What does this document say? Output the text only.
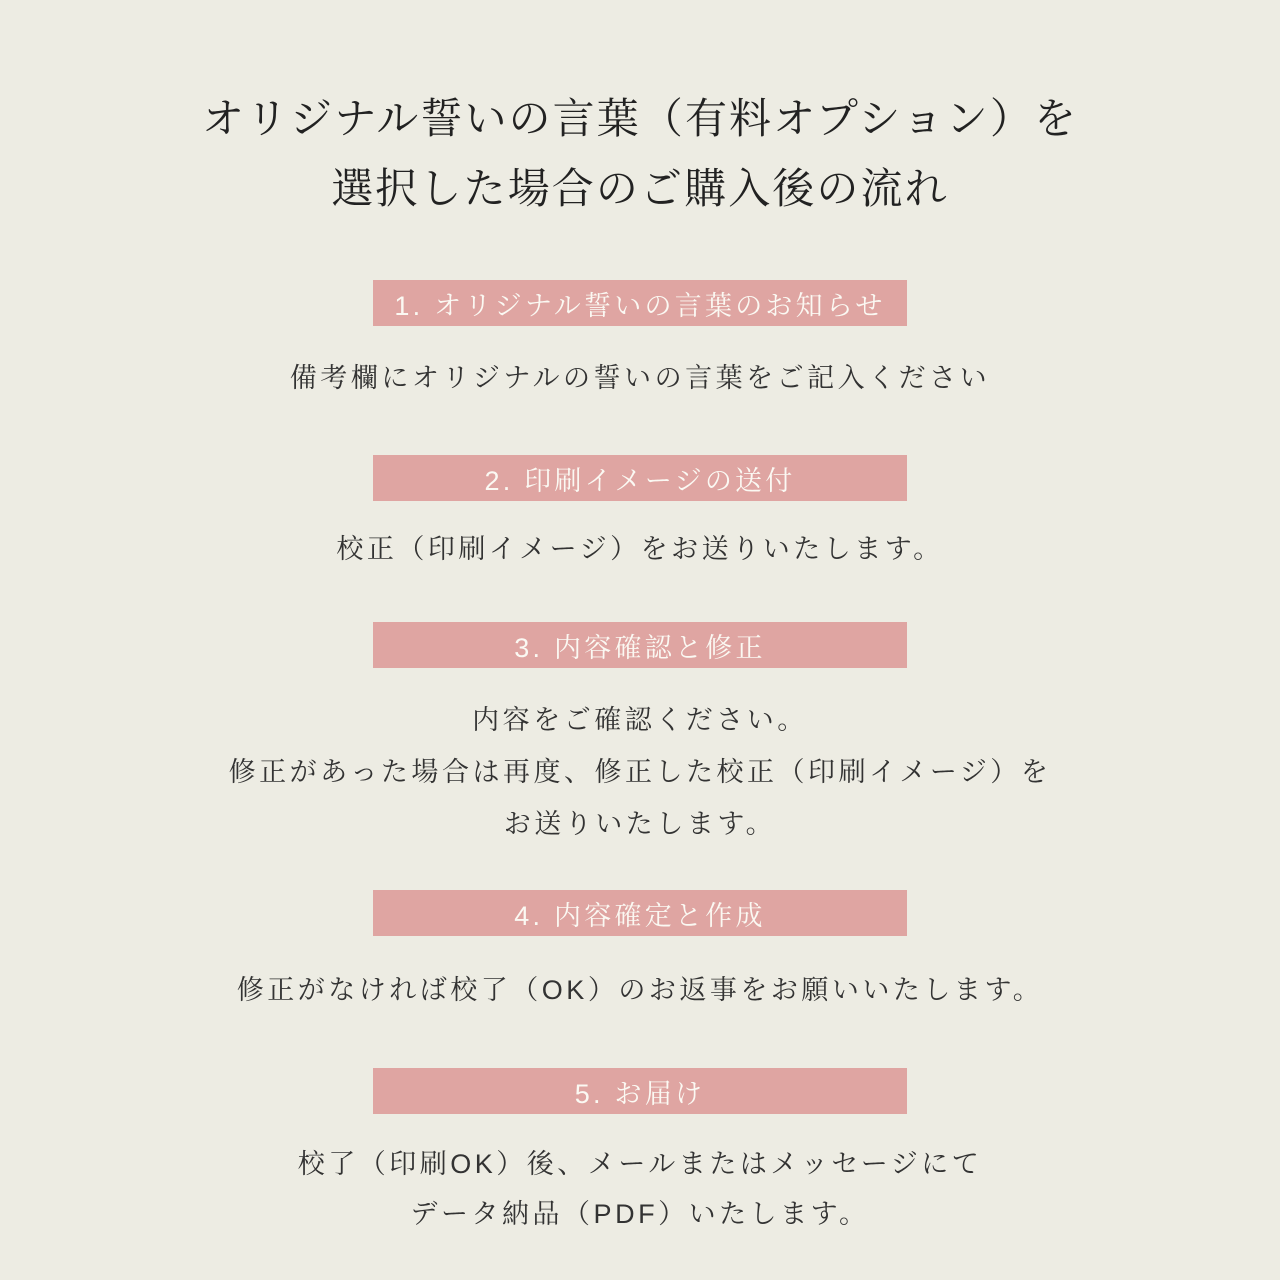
オリジナル誓いの言葉（有料オプション）を
選択した場合のご購入後の流れ
1. オリジナル誓いの言葉のお知らせ
備考欄にオリジナルの誓いの言葉をご記入ください
2. 印刷イメージの送付
校正（印刷イメージ）をお送りいたします。
3. 内容確認と修正
内容をご確認ください。
修正があった場合は再度、修正した校正（印刷イメージ）を
お送りいたします。
4. 内容確定と作成
修正がなければ校了（OK）のお返事をお願いいたします。
5. お届け
校了（印刷OK）後、メールまたはメッセージにて
データ納品（PDF）いたします。
